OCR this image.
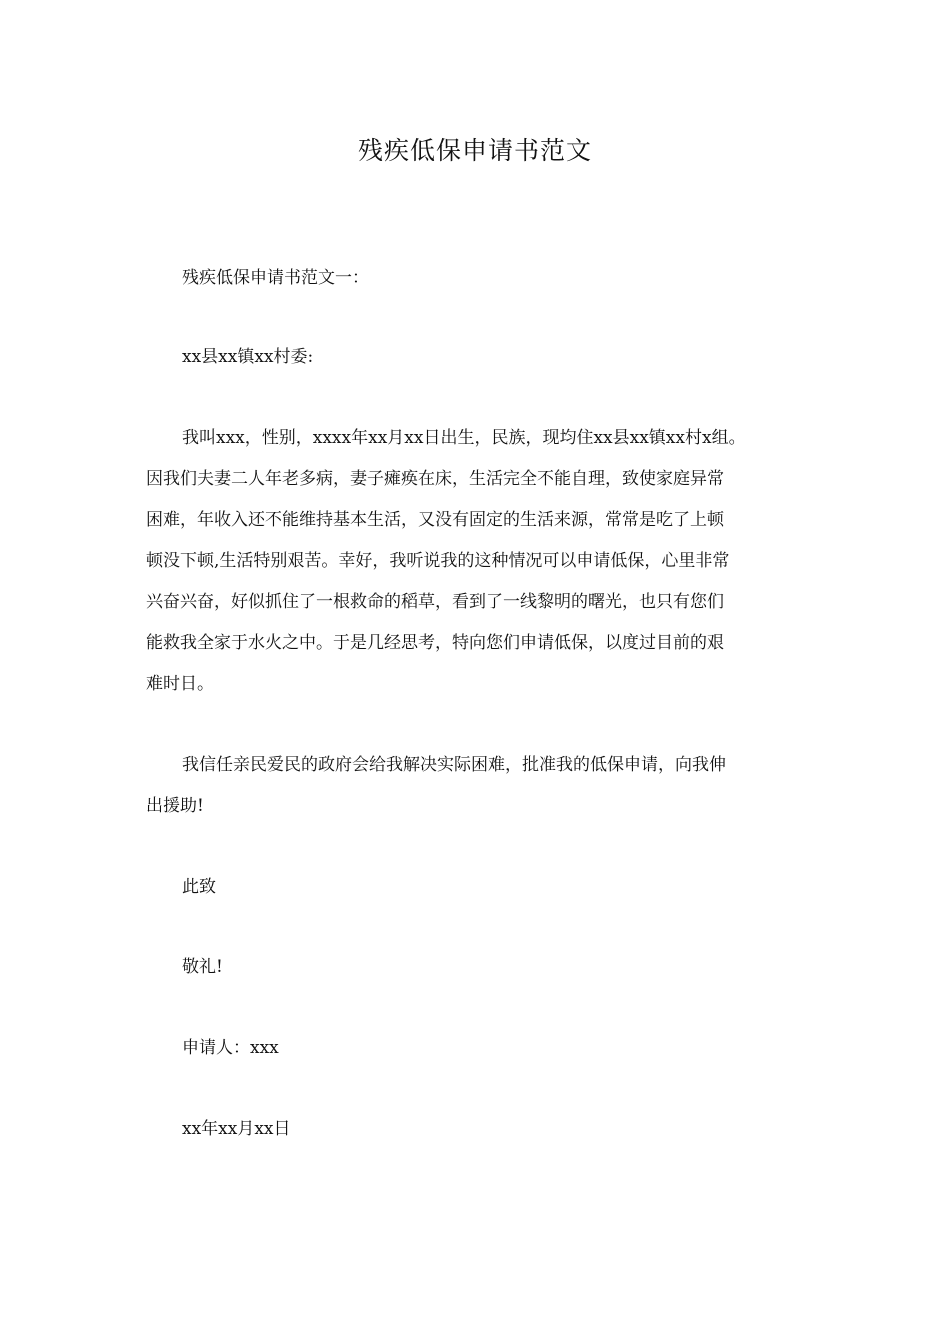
残疾低保申请书范文
残疾低保申请书范文一：
xx县xx镇xx村委:
我叫xxx，性别，xxxx年xx月xx日出生，民族，现均住xx县xx镇xx村x组。
因我们夫妻二人年老多病，妻子瘫痪在床，生活完全不能自理，致使家庭异常
困难，年收入还不能维持基本生活，又没有固定的生活来源，常常是吃了上顿
顿没下顿,生活特别艰苦。幸好，我听说我的这种情况可以申请低保，心里非常
兴奋兴奋，好似抓住了一根救命的稻草，看到了一线黎明的曙光，也只有您们
能救我全家于水火之中。于是几经思考，特向您们申请低保，以度过目前的艰
难时日。
我信任亲民爱民的政府会给我解决实际困难，批准我的低保申请，向我伸
出援助!
此致
敬礼!
申请人：xxx
xx年xx月xx日
